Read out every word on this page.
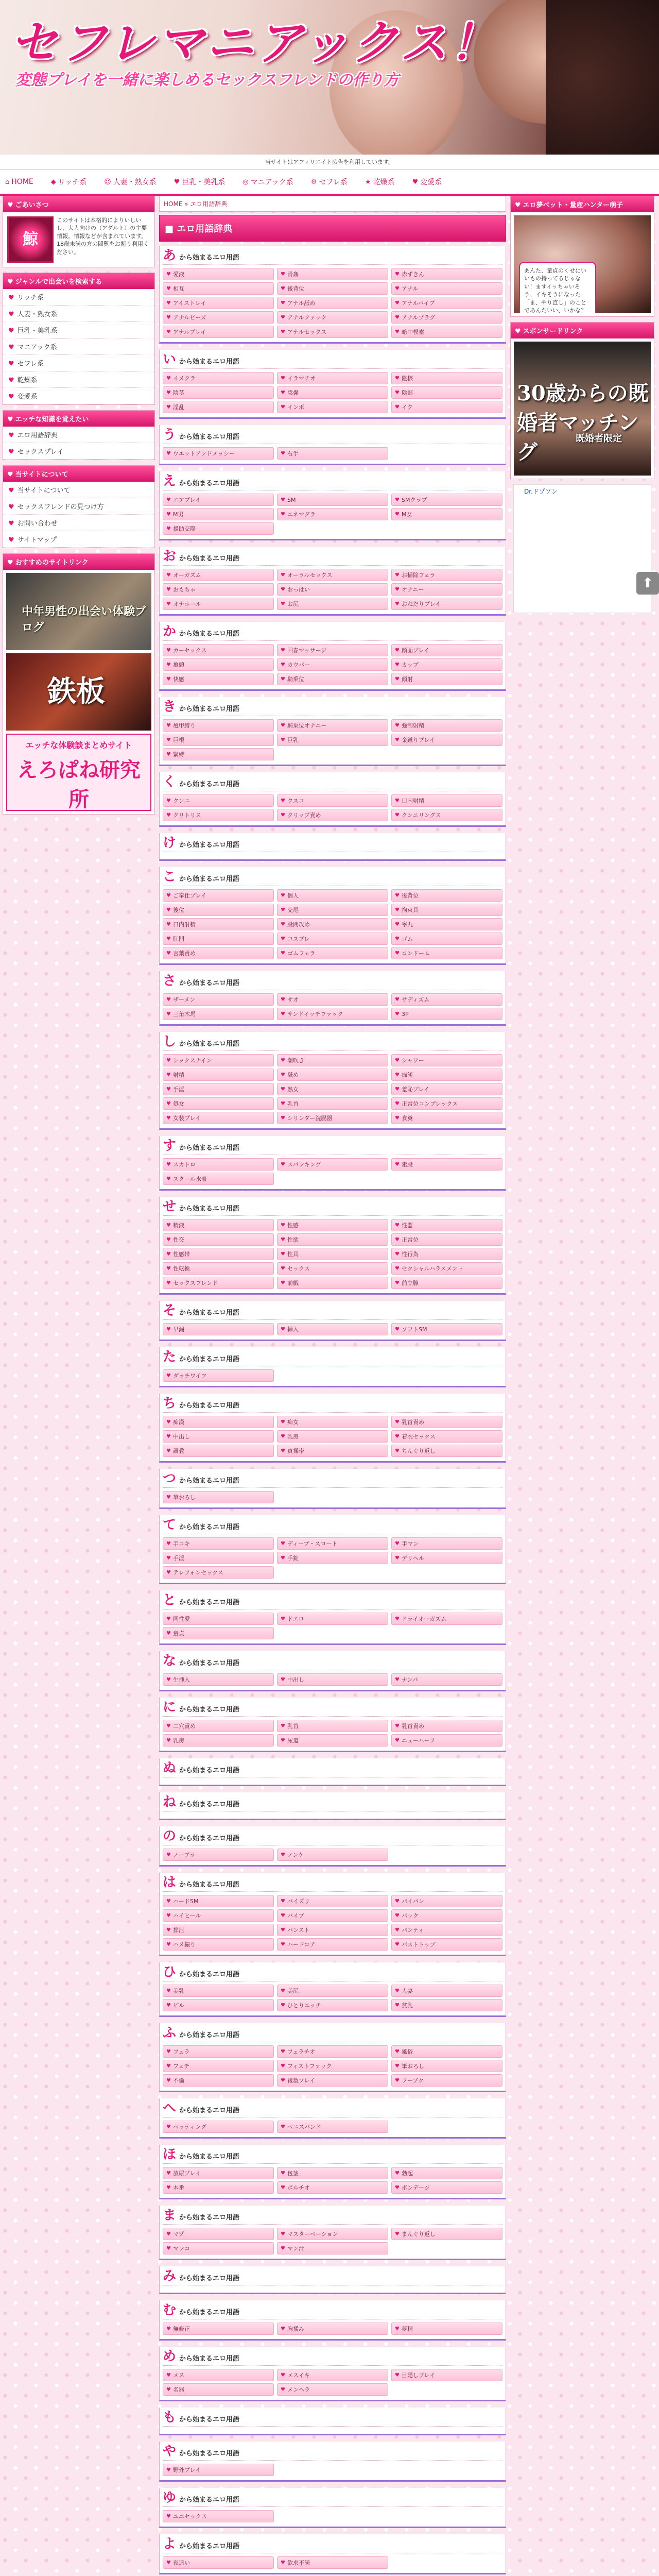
セフレマニアックス！
変態プレイを一緒に楽しめるセックスフレンドの作り方
当サイトはアフィリエイト広告を利用しています。
⌂ HOME	◆ リッチ系	☺ 人妻・熟女系	♥ 巨乳・美乳系	◎ マニアック系	⚙ セフレ系	★ 乾燥系	♥ 変愛系
♥ ごあいさつ
鯨
このサイトは本格的によりいしいし、大人向けの（アダルト）の主要情報。情報などが含まれています。18歳未満の方の閲覧をお断り利用ください。
♥ ジャンルで出会いを検索する
♥ リッチ系
♥ 人妻・熟女系
♥ 巨乳・美乳系
♥ マニアック系
♥ セフレ系
♥ 乾燥系
♥ 変愛系
♥ エッチな知識を覚えたい
♥ エロ用語辞典
♥ セックスプレイ
♥ 当サイトについて
♥ 当サイトについて
♥ セックスフレンドの見つけ方
♥ お問い合わせ
♥ サイトマップ
♥ おすすめのサイトリンク
中年男性の出会い体験ブログ
鉄板
エッチな体験談まとめサイト
えろぱね研究所
HOME » エロ用語辞典
■ エロ用語辞典
あ から始まるエロ用語
♥ 愛液	♥ 青姦	♥ 赤ずきん
♥ 相互	♥ 後背位	♥ アナル
♥ アイストレイ	♥ アナル舐め	♥ アナルバイブ
♥ アナルビーズ	♥ アナルファック	♥ アナルプラグ
♥ アナルプレイ	♥ アナルセックス	♥ 暗中模索
い から始まるエロ用語
♥ イメクラ	♥ イラマチオ	♥ 陰核
♥ 陰茎	♥ 陰嚢	♥ 陰部
♥ 淫乱	♥ インポ	♥ イク
う から始まるエロ用語
♥ ウエットアンドメッシー	♥ 右手
え から始まるエロ用語
♥ エアプレイ	♥ SM	♥ SMクラブ
♥ M男	♥ エネマグラ	♥ M女
♥ 援助交際
お から始まるエロ用語
♥ オーガズム	♥ オーラルセックス	♥ お掃除フェラ
♥ おもちゃ	♥ おっぱい	♥ オナニー
♥ オナホール	♥ お尻	♥ おねだりプレイ
か から始まるエロ用語
♥ カーセックス	♥ 回春マッサージ	♥ 顔面プレイ
♥ 亀頭	♥ カウパー	♥ カップ
♥ 快感	♥ 騎乗位	♥ 顔射
き から始まるエロ用語
♥ 亀甲縛り	♥ 騎乗位オナニー	♥ 強制射精
♥ 巨根	♥ 巨乳	♥ 金蹴りプレイ
♥ 緊縛
く から始まるエロ用語
♥ クンニ	♥ クスコ	♥ 口内射精
♥ クリトリス	♥ クリップ責め	♥ クンニリングス
け から始まるエロ用語
こ から始まるエロ用語
♥ ご奉仕プレイ	♥ 個人	♥ 後背位
♥ 後位	♥ 交尾	♥ 拘束具
♥ 口内射精	♥ 股間攻め	♥ 睾丸
♥ 肛門	♥ コスプレ	♥ ゴム
♥ 言葉責め	♥ ゴムフェラ	♥ コンドーム
さ から始まるエロ用語
♥ ザーメン	♥ サオ	♥ サディズム
♥ 三角木馬	♥ サンドイッチファック	♥ 3P
し から始まるエロ用語
♥ シックスナイン	♥ 潮吹き	♥ シャワー
♥ 射精	♥ 舐め	♥ 痴漢
♥ 手淫	♥ 熟女	♥ 羞恥プレイ
♥ 処女	♥ 乳首	♥ 正常位コンプレックス
♥ 女装プレイ	♥ シリンダー浣腸器	♥ 食糞
す から始まるエロ用語
♥ スカトロ	♥ スパンキング	♥ 素股
♥ スクール水着
せ から始まるエロ用語
♥ 精液	♥ 性感	♥ 性器
♥ 性交	♥ 性欲	♥ 正常位
♥ 性感帯	♥ 性具	♥ 性行為
♥ 性転換	♥ セックス	♥ セクシャルハラスメント
♥ セックスフレンド	♥ 前戯	♥ 前立腺
そ から始まるエロ用語
♥ 早漏	♥ 挿入	♥ ソフトSM
た から始まるエロ用語
♥ ダッチワイフ
ち から始まるエロ用語
♥ 痴漢	♥ 痴女	♥ 乳首責め
♥ 中出し	♥ 乳房	♥ 着衣セックス
♥ 調教	♥ 貞操帯	♥ ちんぐり返し
つ から始まるエロ用語
♥ 筆おろし
て から始まるエロ用語
♥ 手コキ	♥ ディープ・スロート	♥ 手マン
♥ 手淫	♥ 手錠	♥ デリヘル
♥ テレフォンセックス
と から始まるエロ用語
♥ 同性愛	♥ ドエロ	♥ ドライオーガズム
♥ 童貞
な から始まるエロ用語
♥ 生挿入	♥ 中出し	♥ ナンパ
に から始まるエロ用語
♥ 二穴責め	♥ 乳首	♥ 乳首責め
♥ 乳房	♥ 尿道	♥ ニューハーフ
ぬ から始まるエロ用語
ね から始まるエロ用語
の から始まるエロ用語
♥ ノーブラ	♥ ノンケ
は から始まるエロ用語
♥ ハードSM	♥ パイズリ	♥ パイパン
♥ ハイヒール	♥ バイブ	♥ バック
♥ 排泄	♥ パンスト	♥ パンティ
♥ ハメ撮り	♥ ハードコア	♥ バストトップ
ひ から始まるエロ用語
♥ 美乳	♥ 美尻	♥ 人妻
♥ ピル	♥ ひとりエッチ	♥ 貧乳
ふ から始まるエロ用語
♥ フェラ	♥ フェラチオ	♥ 風俗
♥ フェチ	♥ フィストファック	♥ 筆おろし
♥ 不倫	♥ 複数プレイ	♥ フーゾク
へ から始まるエロ用語
♥ ペッティング	♥ ペニスバンド
ほ から始まるエロ用語
♥ 放尿プレイ	♥ 包茎	♥ 勃起
♥ 本番	♥ ポルチオ	♥ ボンデージ
ま から始まるエロ用語
♥ マゾ	♥ マスターベーション	♥ まんぐり返し
♥ マンコ	♥ マン汁
み から始まるエロ用語
む から始まるエロ用語
♥ 無修正	♥ 胸揉み	♥ 夢精
め から始まるエロ用語
♥ メス	♥ メスイキ	♥ 目隠しプレイ
♥ 名器	♥ メンヘラ
も から始まるエロ用語
や から始まるエロ用語
♥ 野外プレイ
ゆ から始まるエロ用語
♥ ユニセックス
よ から始まるエロ用語
♥ 夜這い	♥ 欲求不満
♥ エロ夢ベット・量産ハンター萌子
あんた、童貞のくせにいいもの持ってるじゃない！ますイッちゃいそう、イキそうになった「ま、やり直し」のことであんたいい、いかな？
♥ スポンサードリンク
既婚者限定
30歳からの既婚者マッチング
Dr.ドゾソン
⬆
